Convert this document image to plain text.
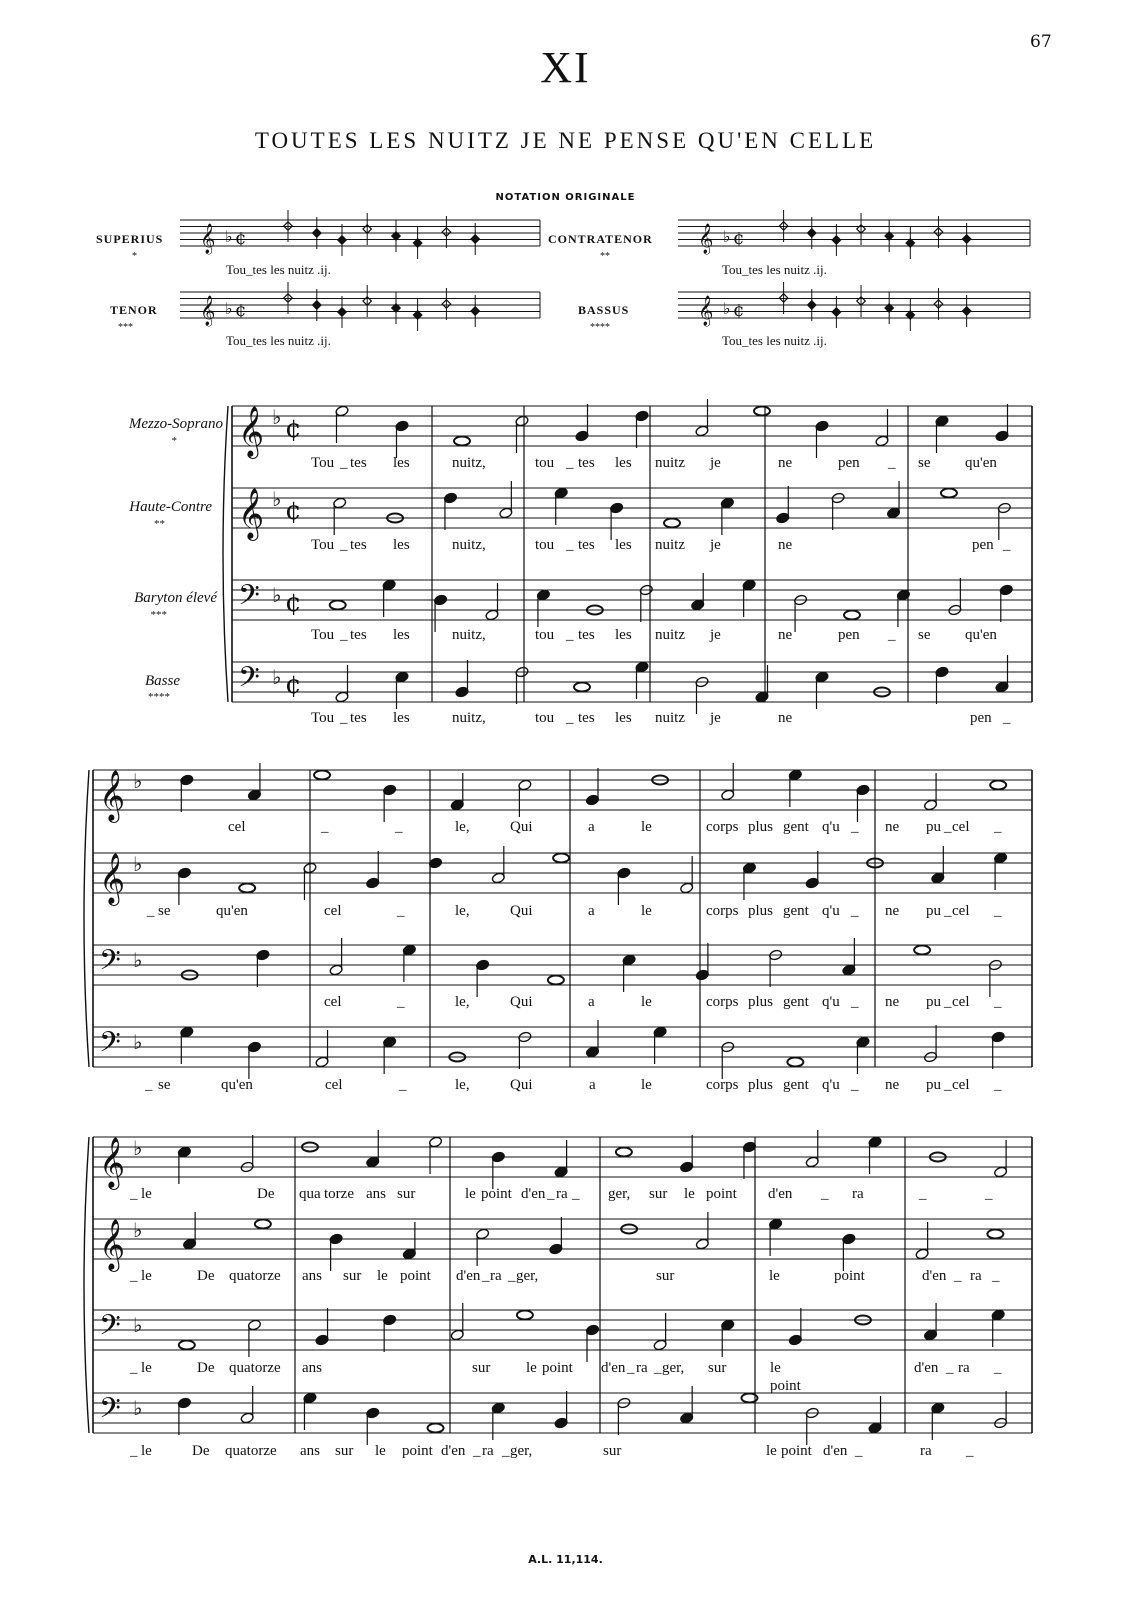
67
XI
TOUTES LES NUITZ JE NE PENSE QU'EN CELLE
NOTATION ORIGINALE
SUPERIUS
*
Tou_tes les nuitz .ij.
CONTRATENOR
**
Tou_tes les nuitz .ij.
TENOR
***
Tou_tes les nuitz .ij.
BASSUS
****
Tou_tes les nuitz .ij.
Mezzo-Soprano
*
Haute-Contre
**
Baryton élevé
***
Basse
****
Tou _ tes les	nuitz,	tou _ tes les nuitz je	ne	pen _ se qu'en
Tou _ tes les	nuitz,	tou _ tes les nuitz je	ne	pen _
Tou _ tes les	nuitz,	tou _ tes les nuitz je	ne	pen _ se qu'en
Tou _ tes les	nuitz,	tou _ tes les nuitz je	ne	pen _
cel	_	_	le,	Qui	a	le	corps plus gent q'u _ ne pu _ cel _
_ se	qu'en	cel	_	le,	Qui	a	le	corps plus gent q'u _ ne pu _ cel _
cel	_	le,	Qui	a	le	corps plus gent q'u _ ne pu _ cel _
_ se	qu'en	cel	_	le,	Qui	a	le	corps plus gent q'u _ ne pu _ cel _
_ le	De qua torze ans sur	le point d'en _ ra _ ger, sur le point d'en _ ra	_	_
_ le	De quatorze ans sur le point d'en _ ra _ ger,	sur	le	point	d'en _ ra _
_ le	De quatorze ans	sur le point d'en _ ra _ ger, sur	le
point
d'en _ ra _
_ le	De quatorze ans sur le point d'en _ ra _ ger,	sur	le point d'en _	ra _
A.L. 11,114.
𝄞 ♭ ¢	𝄞 ♭ ¢
𝄞 ♭ ¢	𝄞 ♭ ¢
𝄞 ♭ ¢
𝄞 ♭ ¢
𝄢 ♭ ¢
𝄢 ♭ ¢
𝄞 ♭
𝄞 ♭
𝄢 ♭
𝄢 ♭
𝄞 ♭
𝄞 ♭
𝄢 ♭
𝄢 ♭
